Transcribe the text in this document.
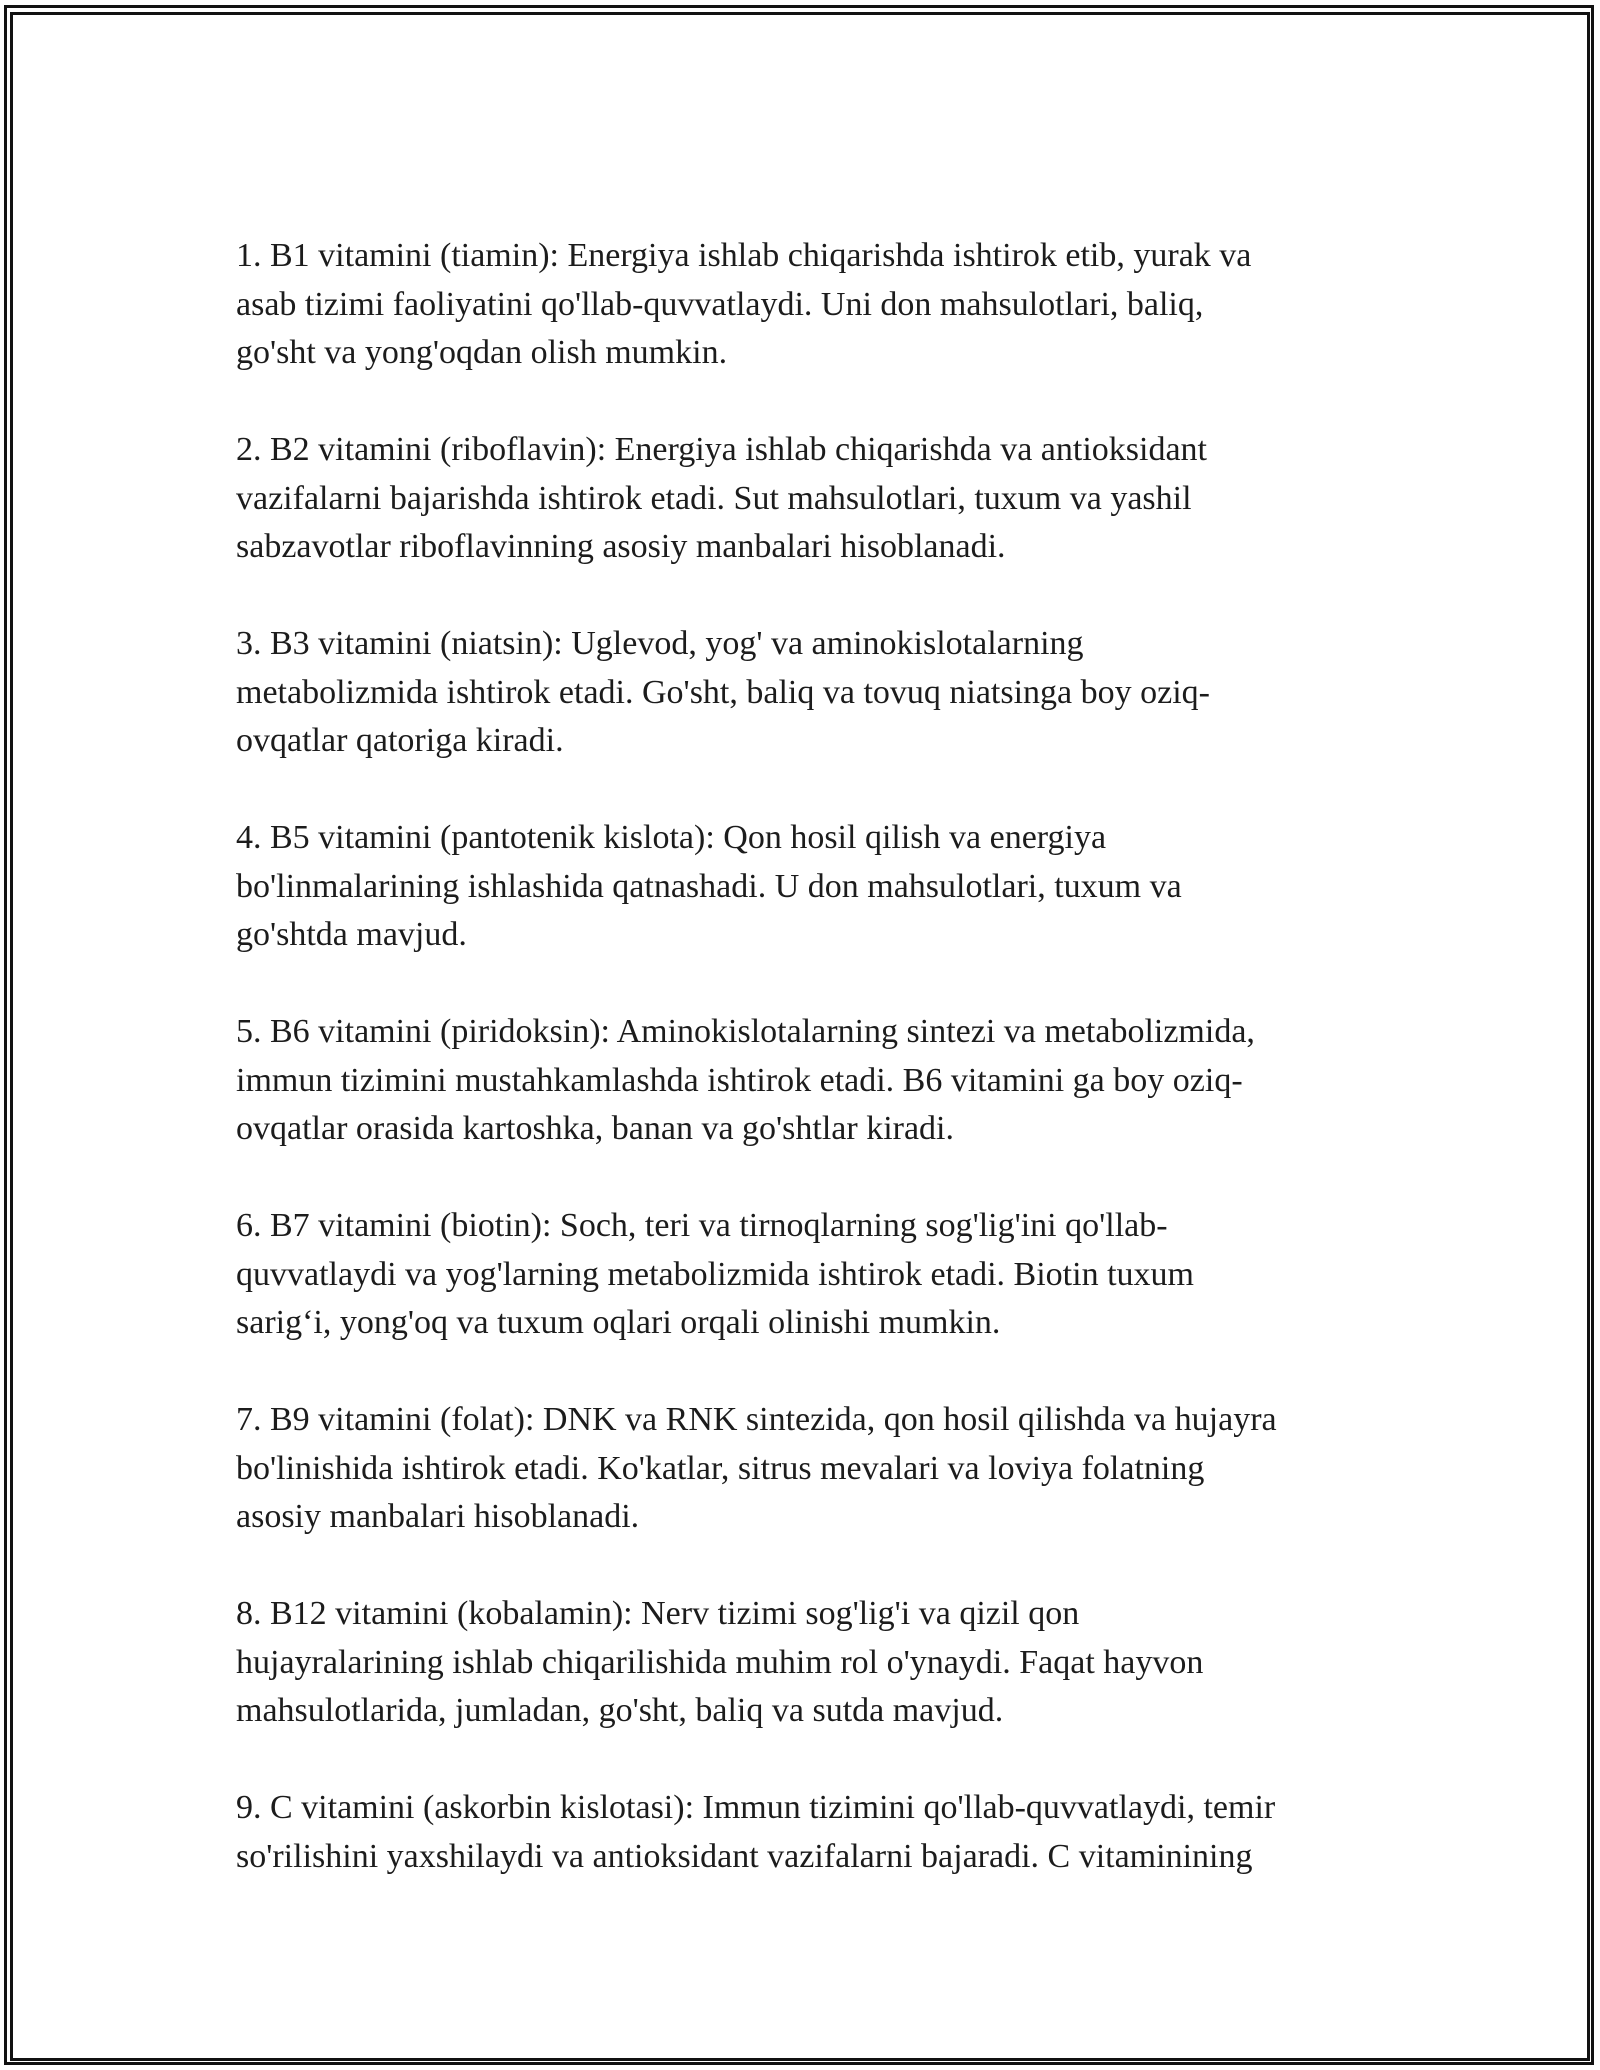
1. B1 vitamini (tiamin): Energiya ishlab chiqarishda ishtirok etib, yurak va
asab tizimi faoliyatini qo'llab-quvvatlaydi. Uni don mahsulotlari, baliq,
go'sht va yong'oqdan olish mumkin.

2. B2 vitamini (riboflavin): Energiya ishlab chiqarishda va antioksidant
vazifalarni bajarishda ishtirok etadi. Sut mahsulotlari, tuxum va yashil
sabzavotlar riboflavinning asosiy manbalari hisoblanadi.

3. B3 vitamini (niatsin): Uglevod, yog' va aminokislotalarning
metabolizmida ishtirok etadi. Go'sht, baliq va tovuq niatsinga boy oziq-
ovqatlar qatoriga kiradi.

4. B5 vitamini (pantotenik kislota): Qon hosil qilish va energiya
bo'linmalarining ishlashida qatnashadi. U don mahsulotlari, tuxum va
go'shtda mavjud.

5. B6 vitamini (piridoksin): Aminokislotalarning sintezi va metabolizmida,
immun tizimini mustahkamlashda ishtirok etadi. B6 vitamini ga boy oziq-
ovqatlar orasida kartoshka, banan va go'shtlar kiradi.

6. B7 vitamini (biotin): Soch, teri va tirnoqlarning sog'lig'ini qo'llab-
quvvatlaydi va yog'larning metabolizmida ishtirok etadi. Biotin tuxum
sarig‘i, yong'oq va tuxum oqlari orqali olinishi mumkin.

7. B9 vitamini (folat): DNK va RNK sintezida, qon hosil qilishda va hujayra
bo'linishida ishtirok etadi. Ko'katlar, sitrus mevalari va loviya folatning
asosiy manbalari hisoblanadi.

8. B12 vitamini (kobalamin): Nerv tizimi sog'lig'i va qizil qon
hujayralarining ishlab chiqarilishida muhim rol o'ynaydi. Faqat hayvon
mahsulotlarida, jumladan, go'sht, baliq va sutda mavjud.

9. C vitamini (askorbin kislotasi): Immun tizimini qo'llab-quvvatlaydi, temir
so'rilishini yaxshilaydi va antioksidant vazifalarni bajaradi. C vitaminining
